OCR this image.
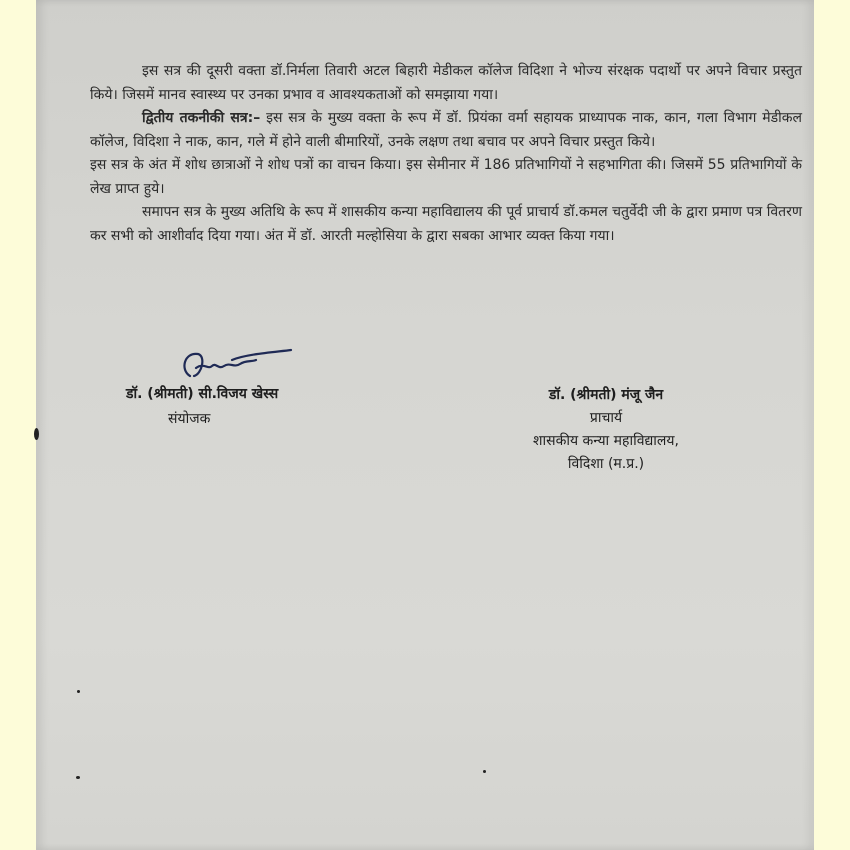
इस सत्र की दूसरी वक्ता डॉ.निर्मला तिवारी अटल बिहारी मेडीकल कॉलेज विदिशा ने भोज्य संरक्षक पदार्थो पर अपने विचार प्रस्तुत किये। जिसमें मानव स्वास्थ्य पर उनका प्रभाव व आवश्यकताओं को समझाया गया।

द्वितीय तकनीकी सत्र:– इस सत्र के मुख्य वक्ता के रूप में डॉ. प्रियंका वर्मा सहायक प्राध्यापक नाक, कान, गला विभाग मेडीकल कॉलेज, विदिशा ने नाक, कान, गले में होने वाली बीमारियों, उनके लक्षण तथा बचाव पर अपने विचार प्रस्तुत किये।

इस सत्र के अंत में शोध छात्राओं ने शोध पत्रों का वाचन किया। इस सेमीनार में 186 प्रतिभागियों ने सहभागिता की। जिसमें 55 प्रतिभागियों के लेख प्राप्त हुये।

समापन सत्र के मुख्य अतिथि के रूप में शासकीय कन्या महाविद्यालय की पूर्व प्राचार्य डॉ.कमल चतुर्वेदी जी के द्वारा प्रमाण पत्र वितरण कर सभी को आशीर्वाद दिया गया। अंत में डॉ. आरती मल्होसिया के द्वारा सबका आभार व्यक्त किया गया।

डॉ. (श्रीमती) सी.विजय खेस्स
संयोजक
डॉ. (श्रीमती) मंजू जैन
प्राचार्य
शासकीय कन्या महाविद्यालय,
विदिशा (म.प्र.)
